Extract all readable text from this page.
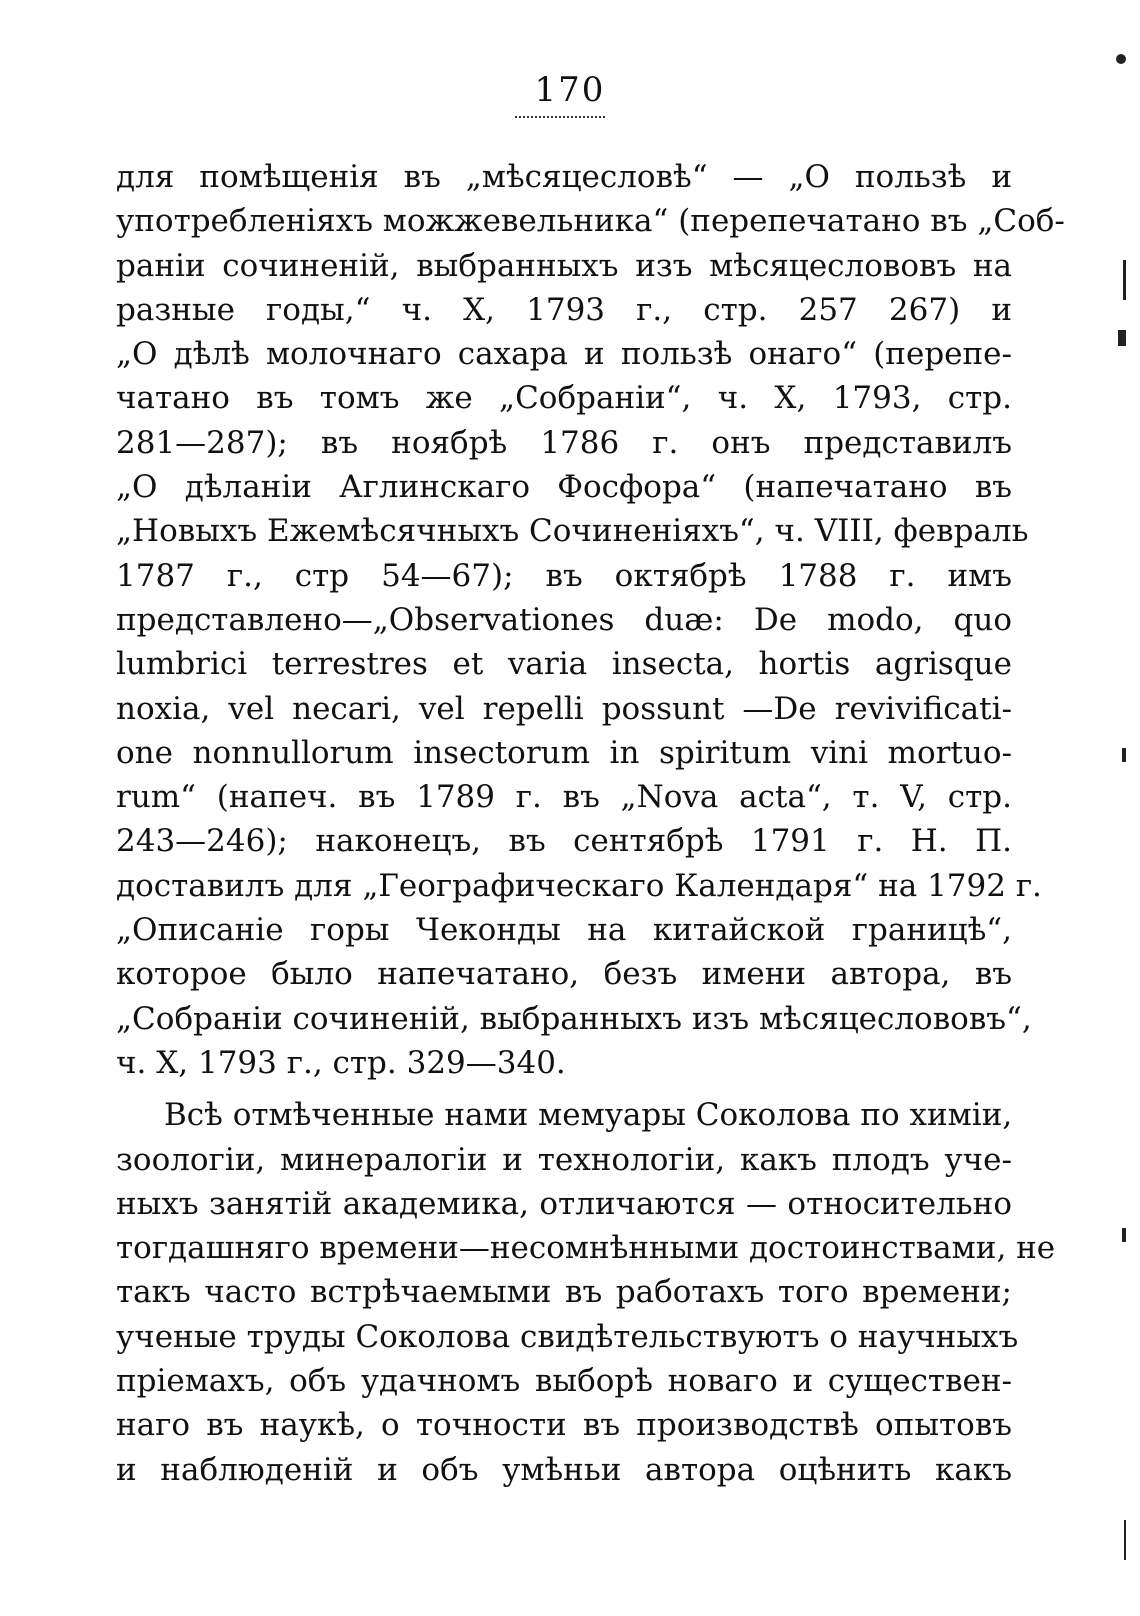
170
для помѣщенія въ „мѣсяцесловѣ“ — „О пользѣ и
употребленіяхъ можжевельника“ (перепечатано въ „Соб-
раніи сочиненій, выбранныхъ изъ мѣсяцеслововъ на
разные годы,“ ч. X, 1793 г., стр. 257 267) и
„О дѣлѣ молочнаго сахара и пользѣ онаго“ (перепе-
чатано въ томъ же „Собраніи“, ч. X, 1793, стр.
281—287); въ ноябрѣ 1786 г. онъ представилъ
„О дѣланіи Аглинскаго Фосфора“ (напечатано въ
„Новыхъ Ежемѣсячныхъ Сочиненіяхъ“, ч. VIII, февраль
1787 г., стр 54—67); въ октябрѣ 1788 г. имъ
представлено—„Observationes duæ: De modo, quo
lumbrici terrestres et varia insecta, hortis agrisque
noxia, vel necari, vel repelli possunt —De revivificati-
one nonnullorum insectorum in spiritum vini mortuo-
rum“ (напеч. въ 1789 г. въ „Nova acta“, т. V, стр.
243—246); наконецъ, въ сентябрѣ 1791 г. Н. П.
доставилъ для „Географическаго Календаря“ на 1792 г.
„Описаніе горы Чеконды на китайской границѣ“,
которое было напечатано, безъ имени автора, въ
„Собраніи сочиненій, выбранныхъ изъ мѣсяцеслововъ“,
ч. X, 1793 г., стр. 329—340.
Всѣ отмѣченные нами мемуары Соколова по химіи,
зоологіи, минералогіи и технологіи, какъ плодъ уче-
ныхъ занятій академика, отличаются — относительно
тогдашняго времени—несомнѣнными достоинствами, не
такъ часто встрѣчаемыми въ работахъ того времени;
ученые труды Соколова свидѣтельствуютъ о научныхъ
пріемахъ, объ удачномъ выборѣ новаго и существен-
наго въ наукѣ, о точности въ производствѣ опытовъ
и наблюденій и объ умѣньи автора оцѣнить какъ
